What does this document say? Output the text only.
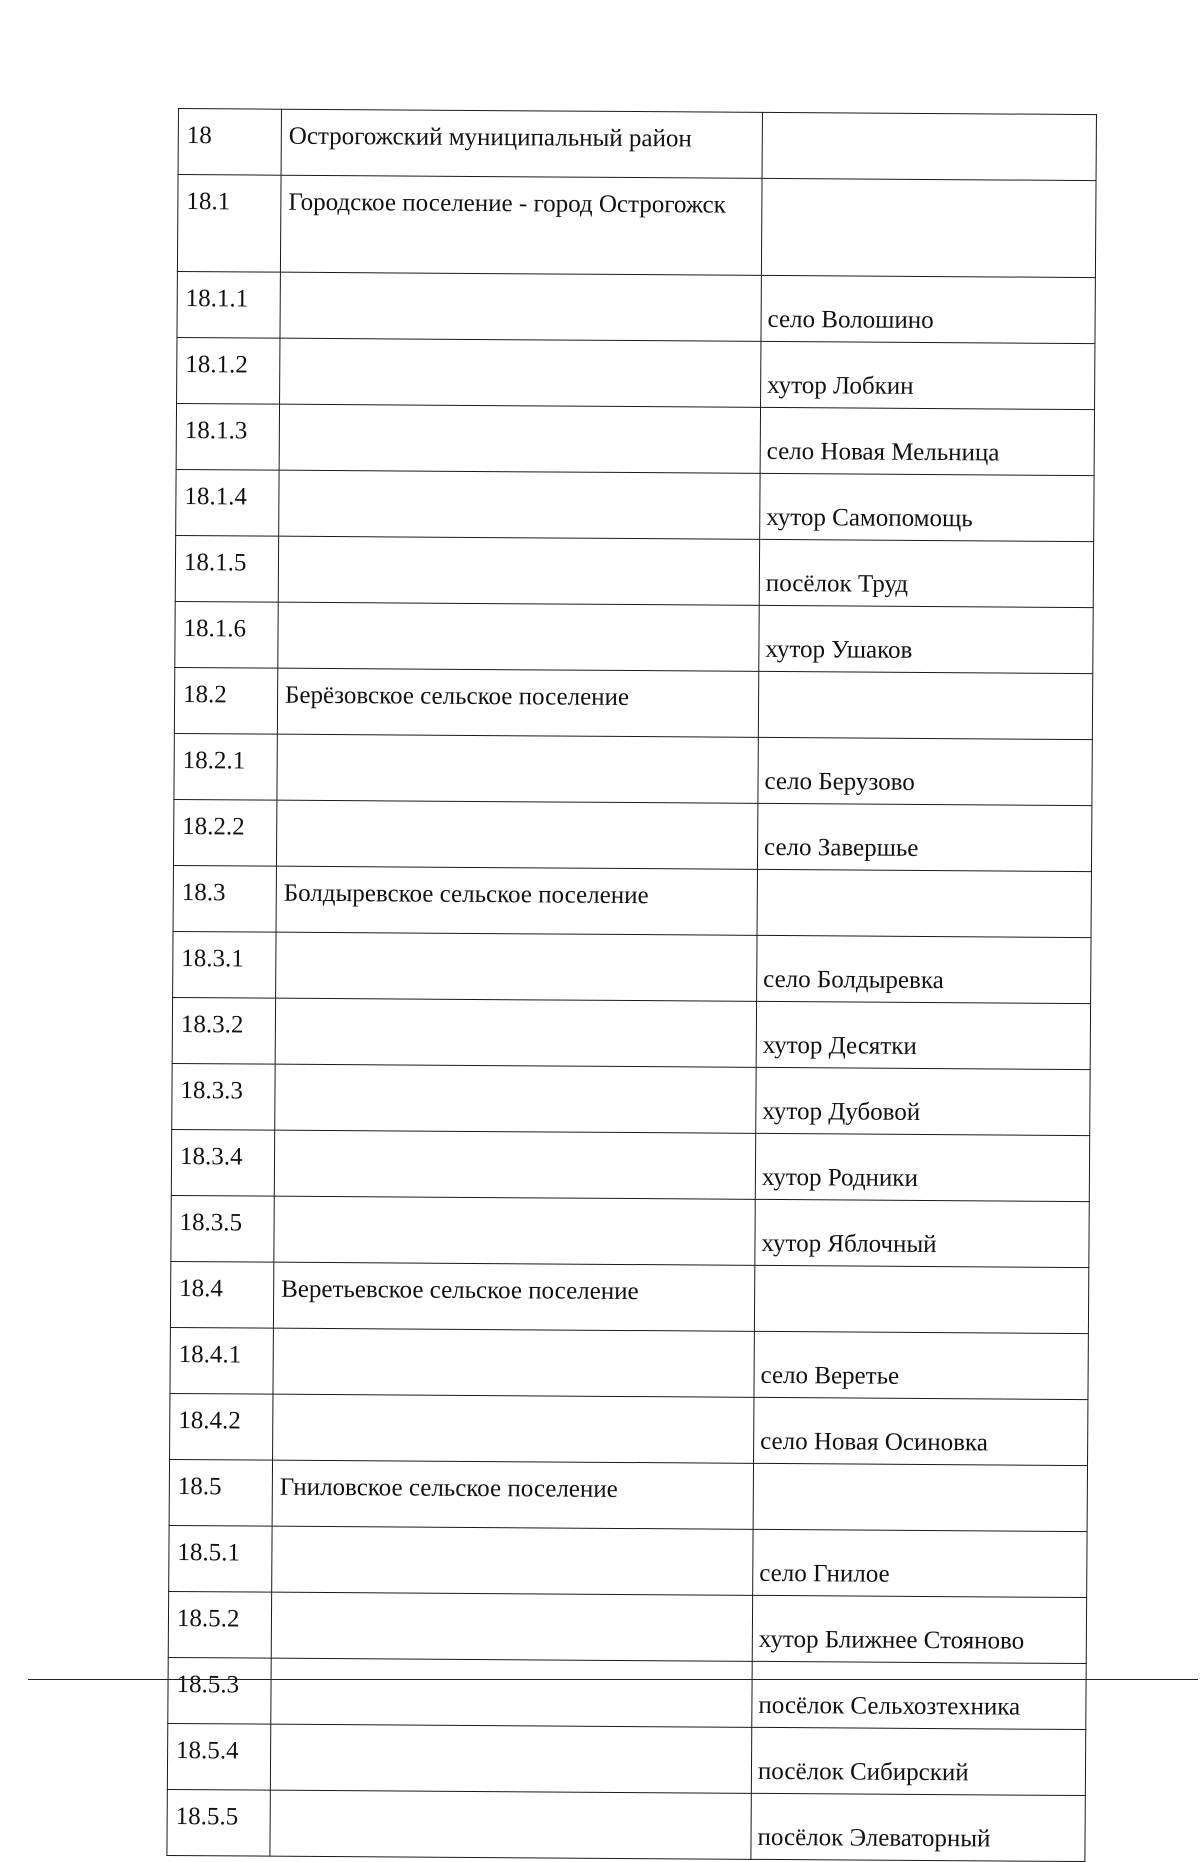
18	Острогожский муниципальный район	

18.1	Городское поселение - город Острогожск	

18.1.1		село Волошино

18.1.2		хутор Лобкин

18.1.3		село Новая Мельница

18.1.4		хутор Самопомощь

18.1.5		посёлок Труд

18.1.6		хутор Ушаков

18.2	Берёзовское сельское поселение	

18.2.1		село Берузово

18.2.2		село Завершье

18.3	Болдыревское сельское поселение	

18.3.1		село Болдыревка

18.3.2		хутор Десятки

18.3.3		хутор Дубовой

18.3.4		хутор Родники

18.3.5		хутор Яблочный

18.4	Веретьевское сельское поселение	

18.4.1		село Веретье

18.4.2		село Новая Осиновка

18.5	Гниловское сельское поселение	

18.5.1		село Гнилое

18.5.2		хутор Ближнее Стояново

18.5.3		посёлок Сельхозтехника

18.5.4		посёлок Сибирский

18.5.5		посёлок Элеваторный
